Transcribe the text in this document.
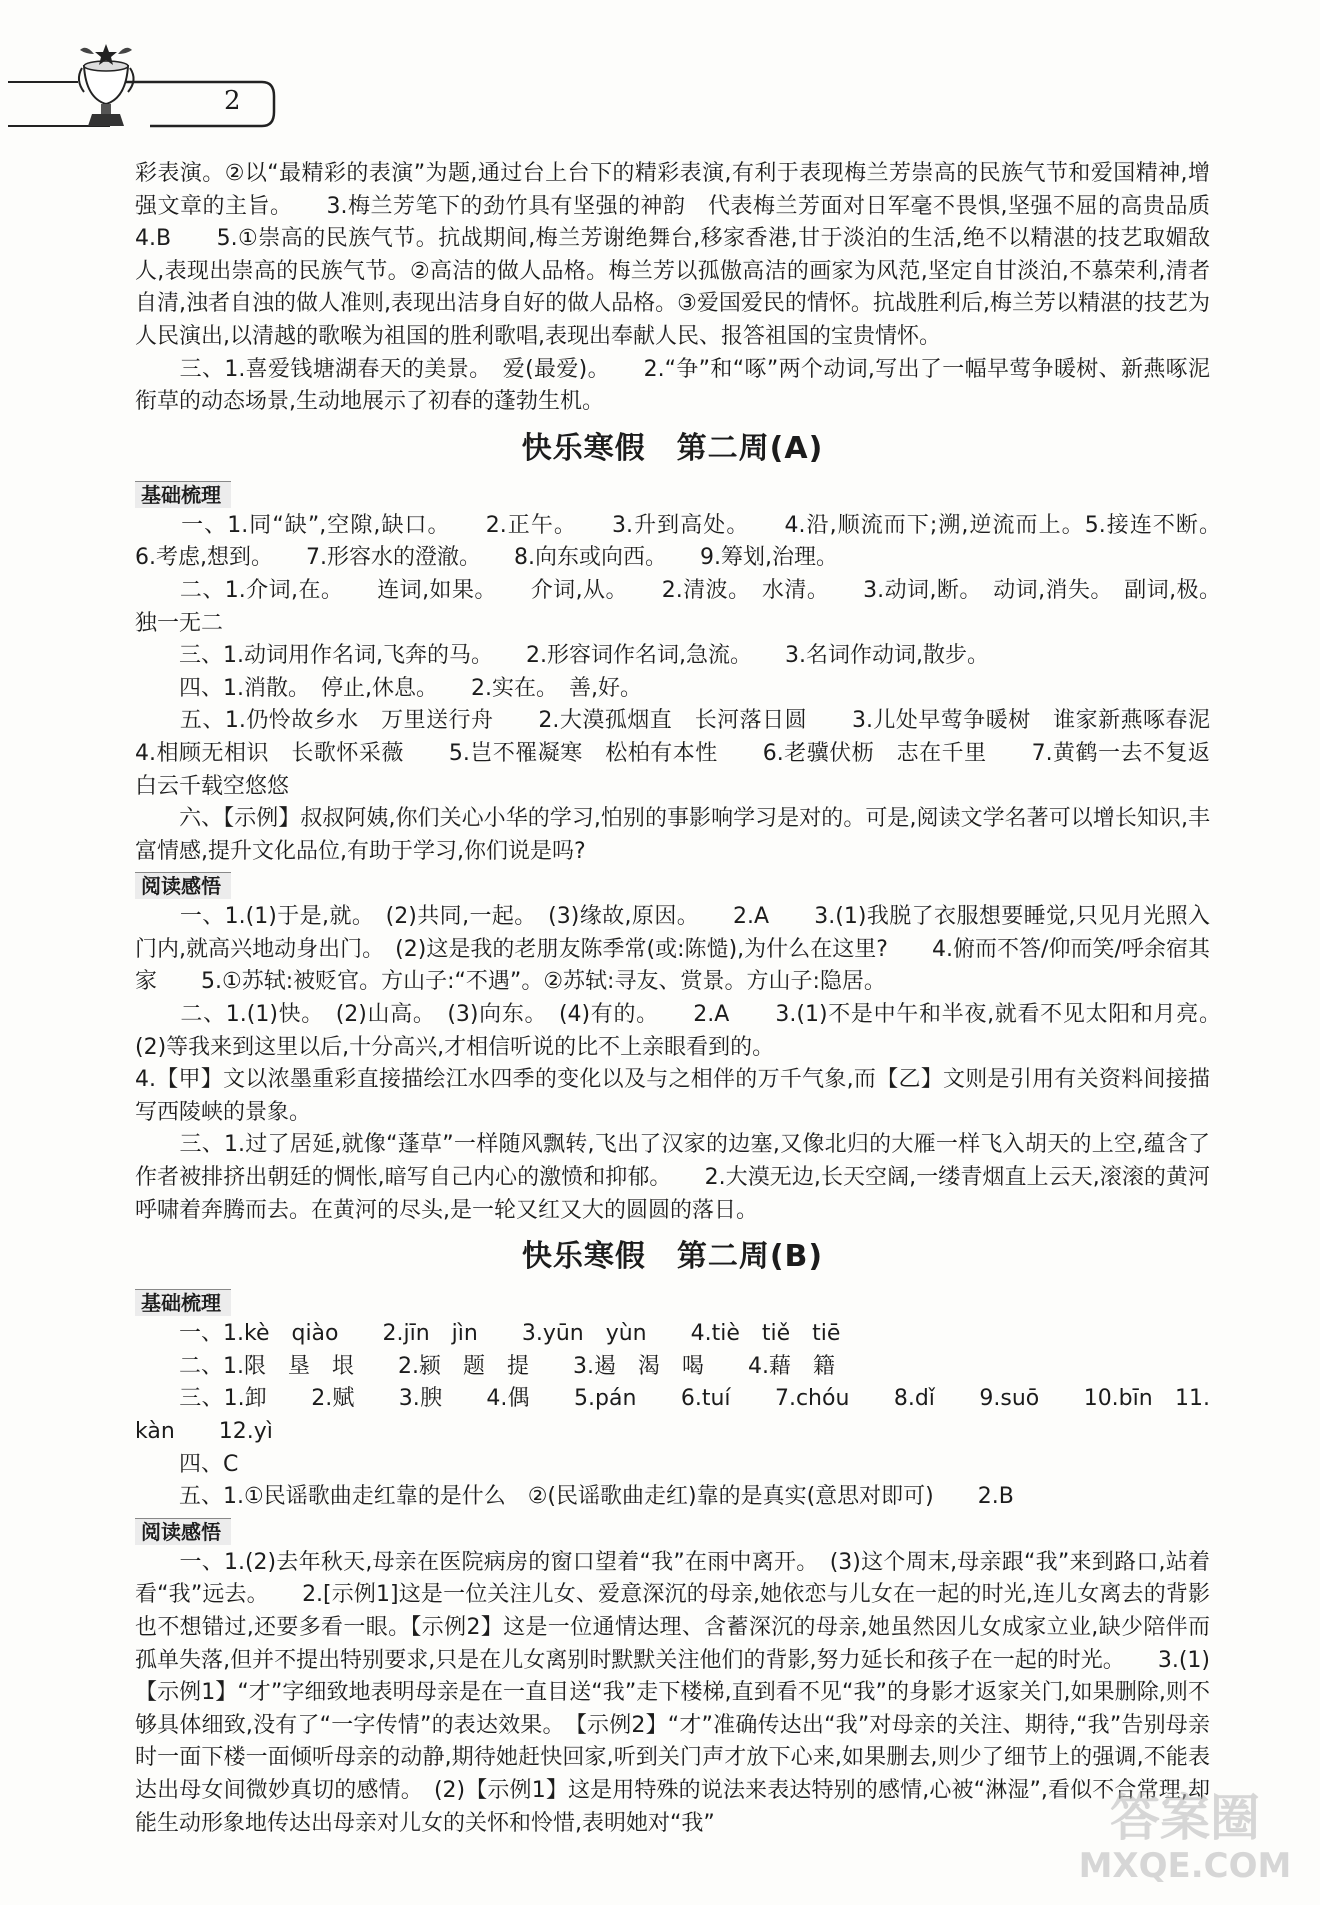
2

彩表演。②以“最精彩的表演”为题,通过台上台下的精彩表演,有利于表现梅兰芳崇高的民族气节和爱国精神,增强文章的主旨。　　3.梅兰芳笔下的劲竹具有坚强的神韵　代表梅兰芳面对日军毫不畏惧,坚强不屈的高贵品质　　4.B　　5.①崇高的民族气节。抗战期间,梅兰芳谢绝舞台,移家香港,甘于淡泊的生活,绝不以精湛的技艺取媚敌人,表现出崇高的民族气节。②高洁的做人品格。梅兰芳以孤傲高洁的画家为风范,坚定自甘淡泊,不慕荣利,清者自清,浊者自浊的做人准则,表现出洁身自好的做人品格。③爱国爱民的情怀。抗战胜利后,梅兰芳以精湛的技艺为人民演出,以清越的歌喉为祖国的胜利歌唱,表现出奉献人民、报答祖国的宝贵情怀。

　　三、1.喜爱钱塘湖春天的美景。　爱(最爱)。　　2.“争”和“啄”两个动词,写出了一幅早莺争暖树、新燕啄泥衔草的动态场景,生动地展示了初春的蓬勃生机。

快乐寒假　第二周(A)
基础梳理

　　一、1.同“缺”,空隙,缺口。　　2.正午。　　3.升到高处。　　4.沿,顺流而下;溯,逆流而上。5.接连不断。　　6.考虑,想到。　　7.形容水的澄澈。　　8.向东或向西。　　9.筹划,治理。

　　二、1.介词,在。　　连词,如果。　　介词,从。　　2.清波。　水清。　　3.动词,断。　动词,消失。　副词,极。　独一无二

　　三、1.动词用作名词,飞奔的马。　　2.形容词作名词,急流。　　3.名词作动词,散步。

　　四、1.消散。　停止,休息。　　2.实在。　善,好。

　　五、1.仍怜故乡水　万里送行舟　　2.大漠孤烟直　长河落日圆　　3.儿处早莺争暖树　谁家新燕啄春泥　　4.相顾无相识　长歌怀采薇　　5.岂不罹凝寒　松柏有本性　　6.老骥伏枥　志在千里　　7.黄鹤一去不复返　白云千载空悠悠

　　六、【示例】叔叔阿姨,你们关心小华的学习,怕别的事影响学习是对的。可是,阅读文学名著可以增长知识,丰富情感,提升文化品位,有助于学习,你们说是吗?

阅读感悟

　　一、1.(1)于是,就。　(2)共同,一起。　(3)缘故,原因。　　2.A　　3.(1)我脱了衣服想要睡觉,只见月光照入门内,就高兴地动身出门。　(2)这是我的老朋友陈季常(或:陈慥),为什么在这里?　　4.俯而不答/仰而笑/呼余宿其家　　5.①苏轼:被贬官。方山子:“不遇”。②苏轼:寻友、赏景。方山子:隐居。

　　二、1.(1)快。　(2)山高。　(3)向东。　(4)有的。　　2.A　　3.(1)不是中午和半夜,就看不见太阳和月亮。　(2)等我来到这里以后,十分高兴,才相信听说的比不上亲眼看到的。

4.【甲】文以浓墨重彩直接描绘江水四季的变化以及与之相伴的万千气象,而【乙】文则是引用有关资料间接描写西陵峡的景象。

　　三、1.过了居延,就像“蓬草”一样随风飘转,飞出了汉家的边塞,又像北归的大雁一样飞入胡天的上空,蕴含了作者被排挤出朝廷的惆怅,暗写自己内心的激愤和抑郁。　　2.大漠无边,长天空阔,一缕青烟直上云天,滚滚的黄河呼啸着奔腾而去。在黄河的尽头,是一轮又红又大的圆圆的落日。

快乐寒假　第二周(B)
基础梳理

　　一、1.kè　qiào　　2.jīn　jìn　　3.yūn　yùn　　4.tiè　tiě　tiē

　　二、1.限　垦　垠　　2.颍　题　提　　3.遏　渴　喝　　4.藉　籍

　　三、1.卸　　2.赋　　3.腴　　4.偶　　5.pán　　6.tuí　　7.chóu　　8.dǐ　　9.suō　　10.bīn　11.kàn　　12.yì

　　四、C

　　五、1.①民谣歌曲走红靠的是什么　②(民谣歌曲走红)靠的是真实(意思对即可)　　2.B

阅读感悟

　　一、1.(2)去年秋天,母亲在医院病房的窗口望着“我”在雨中离开。　(3)这个周末,母亲跟“我”来到路口,站着看“我”远去。　　2.[示例1]这是一位关注儿女、爱意深沉的母亲,她依恋与儿女在一起的时光,连儿女离去的背影也不想错过,还要多看一眼。【示例2】这是一位通情达理、含蓄深沉的母亲,她虽然因儿女成家立业,缺少陪伴而孤单失落,但并不提出特别要求,只是在儿女离别时默默关注他们的背影,努力延长和孩子在一起的时光。　　3.(1)【示例1】“才”字细致地表明母亲是在一直目送“我”走下楼梯,直到看不见“我”的身影才返家关门,如果删除,则不够具体细致,没有了“一字传情”的表达效果。　【示例2】“才”准确传达出“我”对母亲的关注、期待,“我”告别母亲时一面下楼一面倾听母亲的动静,期待她赶快回家,听到关门声才放下心来,如果删去,则少了细节上的强调,不能表达出母女间微妙真切的感情。　(2)【示例1】这是用特殊的说法来表达特别的感情,心被“淋湿”,看似不合常理,却能生动形象地传达出母亲对儿女的关怀和怜惜,表明她对“我”	答案圈
MXQE.COM
